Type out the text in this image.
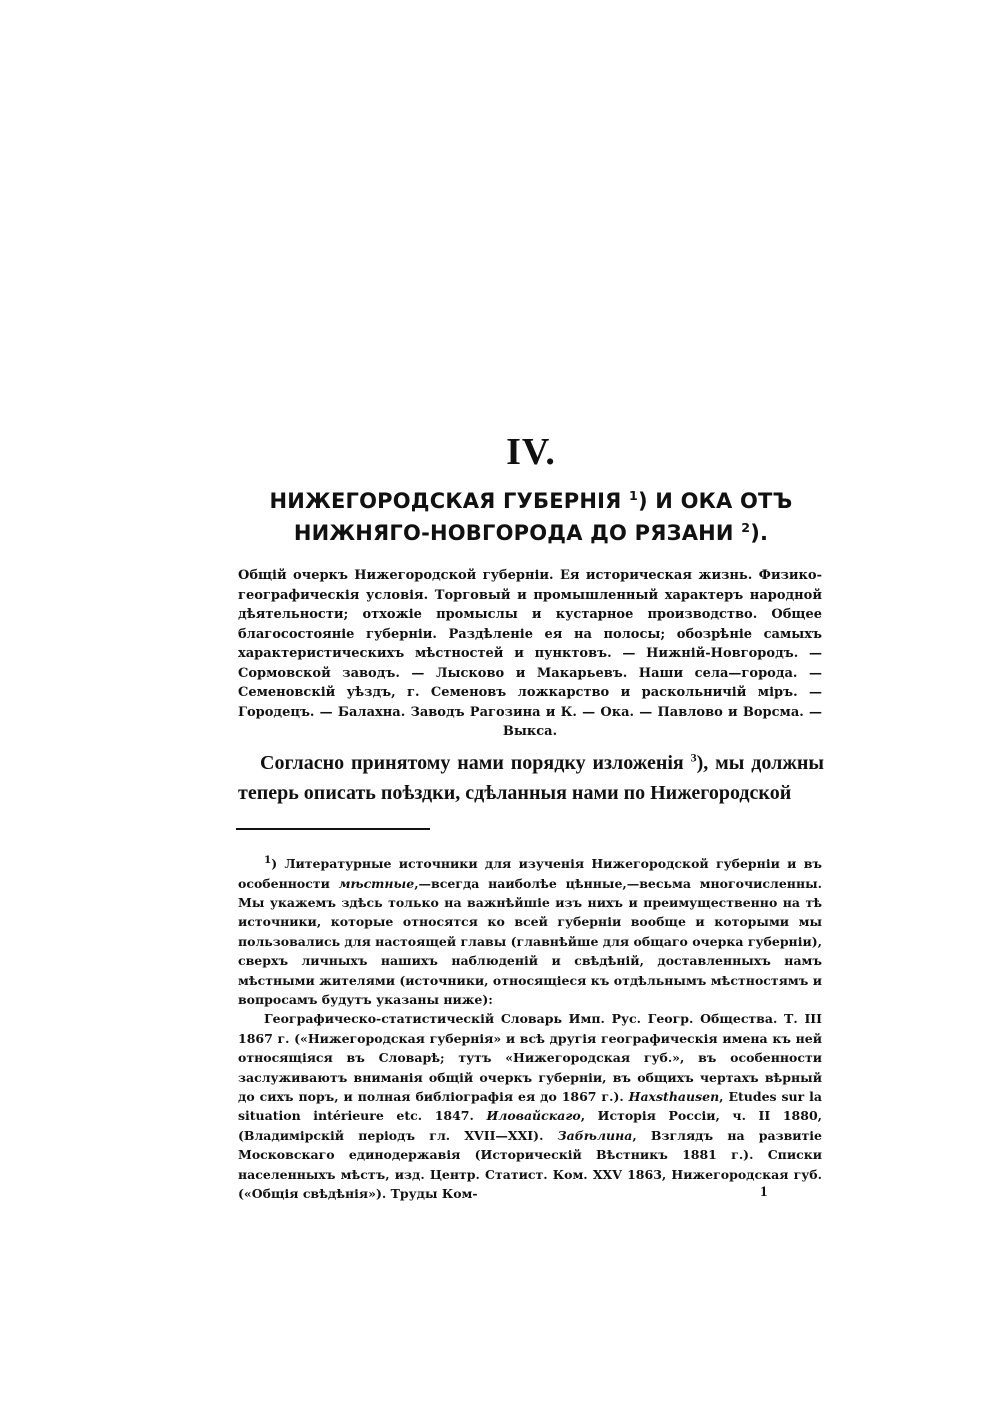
IV.
НИЖЕГОРОДСКАЯ ГУБЕРНІЯ $^1$) И ОКА ОТЪ НИЖНЯГО-НОВГОРОДА ДО РЯЗАНИ $^2$).
Общій очеркъ Нижегородской губерніи. Ея историческая жизнь. Физико-географическія условія. Торговый и промышленный характеръ народной дѣятельности; отхожіе промыслы и кустарное производство. Общее благосостояніе губерніи. Раздѣленіе ея на полосы; обозрѣніе самыхъ характеристическихъ мѣстностей и пунктовъ. — Нижній-Новгородъ. — Сормовской заводъ. — Лысково и Макарьевъ. Наши села—города. — Семеновскій уѣздъ, г. Семеновъ ложкарство и раскольничій міръ. — Городецъ. — Балахна. Заводъ Рагозина и К. — Ока. — Павлово и Ворсма. — Выкса.
Согласно принятому нами порядку изложенія $^3$), мы должны теперь описать поѣздки, сдѣланныя нами по Нижегородской

$^1$) Литературные источники для изученія Нижегородской губерніи и въ особенности мѣстные,—всегда наиболѣе цѣнные,—весьма многочисленны. Мы укажемъ здѣсь только на важнѣйшіе изъ нихъ и преимущественно на тѣ источники, которые относятся ко всей губерніи вообще и которыми мы пользовались для настоящей главы (главнѣйше для общаго очерка губерніи), сверхъ личныхъ нашихъ наблюденій и свѣдѣній, доставленныхъ намъ мѣстными жителями (источники, относящіеся къ отдѣльнымъ мѣстностямъ и вопросамъ будутъ указаны ниже):

Географическо-статистическій Словарь Имп. Рус. Геогр. Общества. Т. III 1867 г. («Нижегородская губернія» и всѣ другія географическія имена къ ней относящіяся въ Словарѣ; тутъ «Нижегородская губ.», въ особенности заслуживаютъ вниманія общій очеркъ губерніи, въ общихъ чертахъ вѣрный до сихъ поръ, и полная библіографія ея до 1867 г.). Haxsthausen, Etudes sur la situation intérieure etc. 1847. Иловайскаго, Исторія Россіи, ч. II 1880, (Владимірскій періодъ гл. XVII—XXI). Забѣлина, Взглядъ на развитіе Московскаго единодержавія (Историческій Вѣстникъ 1881 г.). Списки населенныхъ мѣстъ, изд. Центр. Статист. Ком. XXV 1863, Нижегородская губ. («Общія свѣдѣнія»). Труды Ком-	1
